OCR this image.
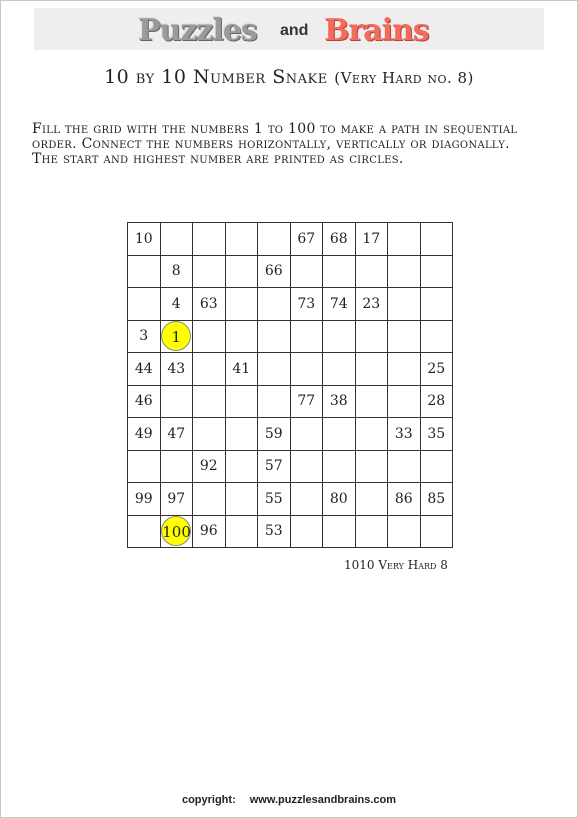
Puzzles and Brains
10 by 10 Number Snake (Very Hard no. 8)
Fill the grid with the numbers 1 to 100 to make a path in sequential
order. Connect the numbers horizontally, vertically or diagonally.
The start and highest number are printed as circles.
10					67	68	17		
	8			66					
	4	63			73	74	23		
3	1								
44	43		41						25
46					77	38			28
49	47			59				33	35
		92		57					
99	97			55		80		86	85
	100	96		53					
1010 Very Hard 8
copyright: www.puzzlesandbrains.com
